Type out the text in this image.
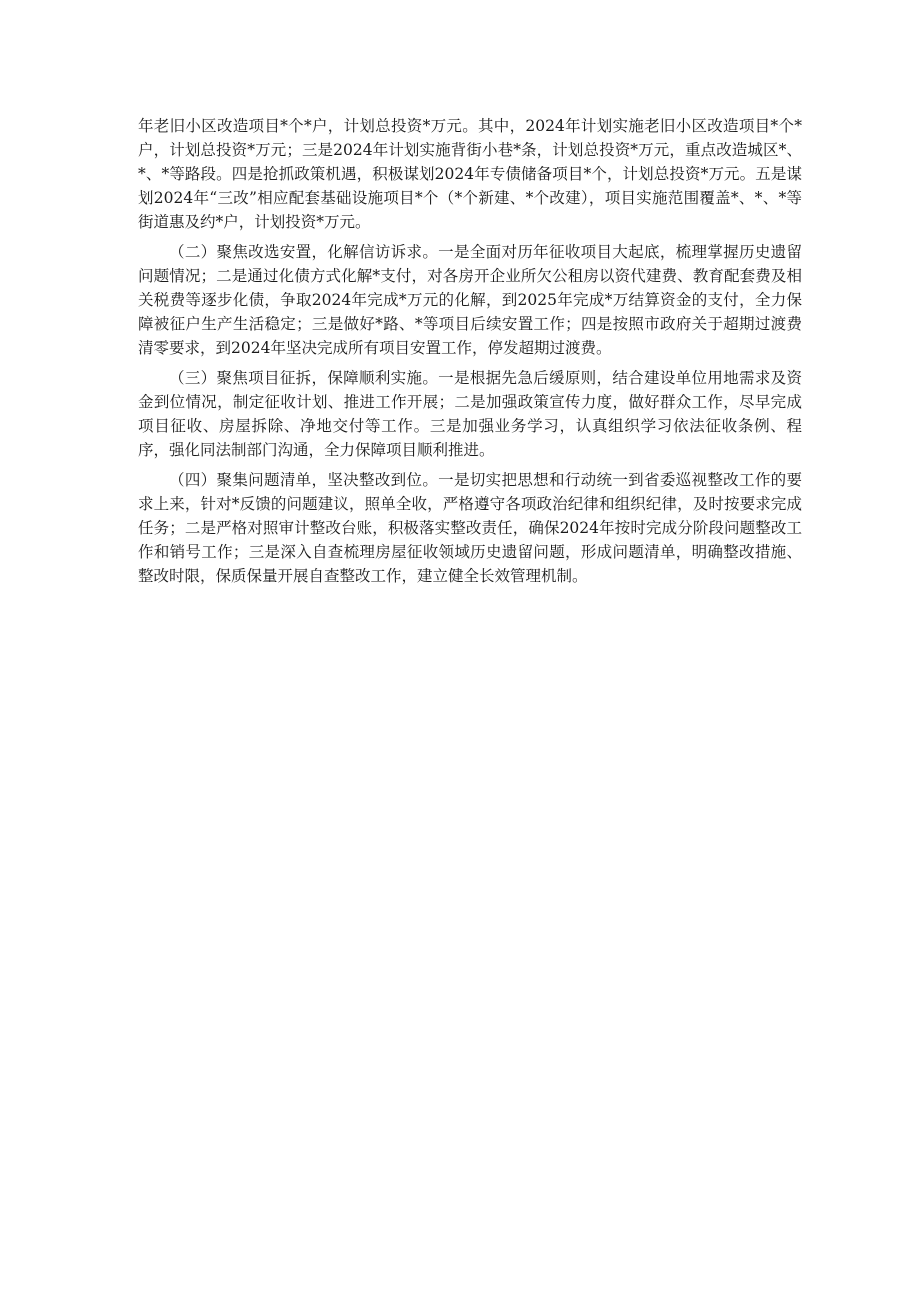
年老旧小区改造项目*个*户，计划总投资*万元。其中，2024年计划实施老旧小区改造项目*个*户，计划总投资*万元；三是2024年计划实施背街小巷*条，计划总投资*万元，重点改造城区*、*、*等路段。四是抢抓政策机遇，积极谋划2024年专债储备项目*个，计划总投资*万元。五是谋划2024年“三改”相应配套基础设施项目*个（*个新建、*个改建），项目实施范围覆盖*、*、*等街道惠及约*户，计划投资*万元。

（二）聚焦改选安置，化解信访诉求。一是全面对历年征收项目大起底，梳理掌握历史遗留问题情况；二是通过化债方式化解*支付，对各房开企业所欠公租房以资代建费、教育配套费及相关税费等逐步化债，争取2024年完成*万元的化解，到2025年完成*万结算资金的支付，全力保障被征户生产生活稳定；三是做好*路、*等项目后续安置工作；四是按照市政府关于超期过渡费清零要求，到2024年坚决完成所有项目安置工作，停发超期过渡费。

（三）聚焦项目征拆，保障顺利实施。一是根据先急后缓原则，结合建设单位用地需求及资金到位情况，制定征收计划、推进工作开展；二是加强政策宣传力度，做好群众工作，尽早完成项目征收、房屋拆除、净地交付等工作。三是加强业务学习，认真组织学习依法征收条例、程序，强化同法制部门沟通，全力保障项目顺利推进。

（四）聚集问题清单，坚决整改到位。一是切实把思想和行动统一到省委巡视整改工作的要求上来，针对*反馈的问题建议，照单全收，严格遵守各项政治纪律和组织纪律，及时按要求完成任务；二是严格对照审计整改台账，积极落实整改责任，确保2024年按时完成分阶段问题整改工作和销号工作；三是深入自查梳理房屋征收领域历史遗留问题，形成问题清单，明确整改措施、整改时限，保质保量开展自查整改工作，建立健全长效管理机制。
